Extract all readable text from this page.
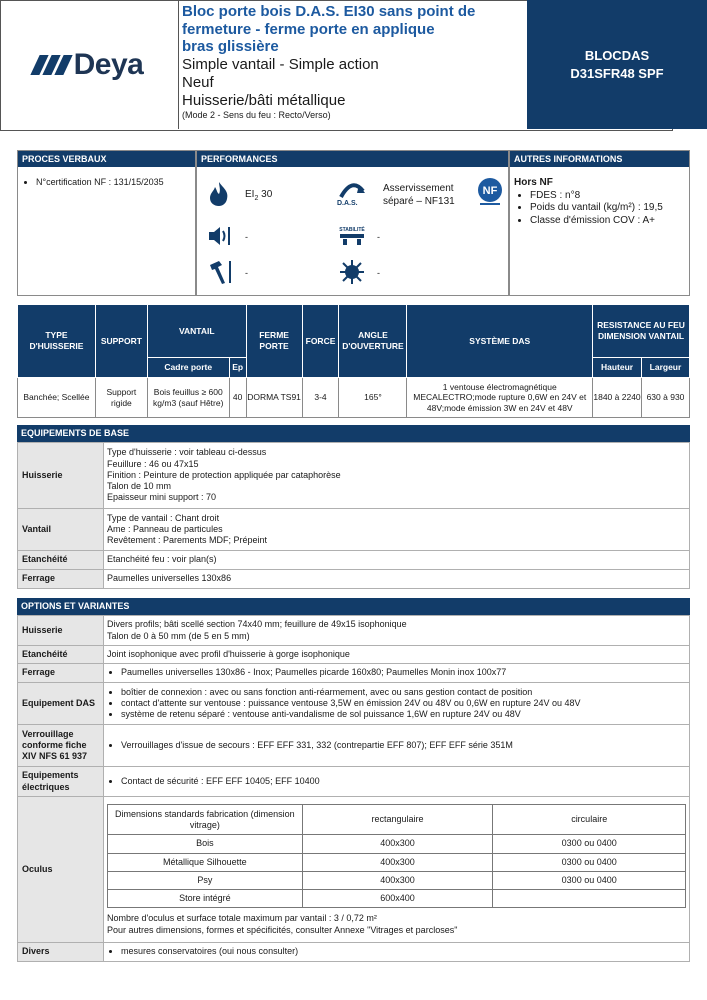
Deya
Bloc porte bois D.A.S. EI30 sans point de
fermeture - ferme porte en applique
bras glissière
Simple vantail - Simple action
Neuf
Huisserie/bâti métallique
(Mode 2 - Sens du feu : Recto/Verso)
BLOCDAS
D31SFR48 SPF
PROCES VERBAUX
• N°certification NF : 131/15/2035
PERFORMANCES
$EI_2$ 30
D.A.S.
Asservissement
séparé – NF131
NF
-
STABILITÉ
-
-	-
AUTRES INFORMATIONS
Hors NF
• FDES : n°8
• Poids du vantail (kg/m²) : 19,5
• Classe d'émission COV : A+
TYPE D'HUISSERIE	SUPPORT	VANTAIL		FERME PORTE	FORCE	ANGLE D'OUVERTURE	SYSTÈME DAS	RESISTANCE AU FEU DIMENSION VANTAIL	
		Cadre porte	Ep					Hauteur	Largeur
Banchée; Scellée	Support rigide	Bois feuillus ≥ 600 kg/m3 (sauf Hêtre)	40	DORMA TS91	3-4	165°	1 ventouse électromagnétique MECALECTRO;mode rupture 0,6W en 24V et 48V;mode émission 3W en 24V et 48V	1840 à 2240	630 à 930
EQUIPEMENTS DE BASE
Huisserie	Type d'huisserie : voir tableau ci-dessus
Feuillure : 46 ou 47x15
Finition : Peinture de protection appliquée par cataphorèse
Talon de 10 mm
Epaisseur mini support : 70

Vantail	Type de vantail : Chant droit
Ame : Panneau de particules
Revêtement : Parements MDF; Prépeint

Etanchéité	Etanchéité feu : voir plan(s)
Ferrage	Paumelles universelles 130x86
OPTIONS ET VARIANTES
Huisserie	
Divers profils; bâti scellé section 74x40 mm; feuillure de 49x15 isophonique
Talon de 0 à 50 mm (de 5 en 5 mm)

Etanchéité	Joint isophonique avec profil d'huisserie à gorge isophonique
Ferrage	
•Paumelles universelles 130x86 - Inox; Paumelles picarde 160x80; Paumelles Monin inox 100x77

Equipement DAS	
• boîtier de connexion : avec ou sans fonction anti-réarmement, avec ou sans gestion contact de position
• contact d'attente sur ventouse : puissance ventouse 3,5W en émission 24V ou 48V ou 0,6W en rupture 24V ou 48V
• système de retenu séparé : ventouse anti-vandalisme de sol puissance 1,6W en rupture 24V ou 48V

Verrouillage conforme fiche XIV NFS 61 937	
• Verrouillages d'issue de secours : EFF EFF 331, 332 (contrepartie EFF 807); EFF EFF série 351M

Equipements électriques	
• Contact de sécurité : EFF EFF 10405; EFF 10400

Oculus	
Dimensions standards fabrication (dimension vitrage)	rectangulaire	circulaire
Bois	400x300	0300 ou 0400
Métallique Silhouette	400x300	0300 ou 0400
Psy	400x300	0300 ou 0400
Store intégré	600x400	
Nombre d'oculus et surface totale maximum par vantail : 3 / 0,72 m²
Pour autres dimensions, formes et spécificités, consulter Annexe "Vitrages et parcloses"

Divers	
•mesures conservatoires (oui nous consulter)
